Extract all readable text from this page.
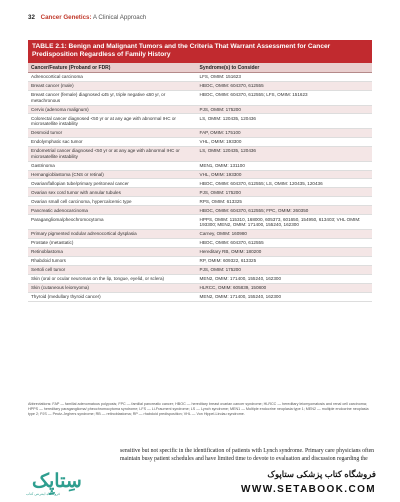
32 Cancer Genetics: A Clinical Approach
TABLE 2.1: Benign and Malignant Tumors and the Criteria That Warrant Assessment for Cancer Predisposition Regardless of Family History
Cancer/Feature (Proband or FDR)	Syndrome(s) to Consider
Adrenocortical carcinoma	LFS, OMIM: 151623
Breast cancer (male)	HBOC, OMIM: 604370, 612555
Breast cancer (female) diagnosed ≤45 yr, triple negative ≤60 yr, or metachronous	HBOC, OMIM: 604370, 612555; LFS, OMIM: 151623
Cervix (adenoma malignum)	PJS, OMIM: 175200
Colorectal cancer diagnosed <50 yr or at any age with abnormal IHC or microsatellite instability	LS, OMIM: 120435, 120436
Desmoid tumor	FAP, OMIM: 175100
Endolymphatic sac tumor	VHL, OMIM: 193300
Endometrial cancer diagnosed <50 yr or at any age with abnormal IHC or microsatellite instability	LS, OMIM: 120435, 120436
Gastrinoma	MEN1, OMIM: 131100
Hemangioblastoma (CNS or retinal)	VHL, OMIM: 193300
Ovarian/fallopian tube/primary peritoneal cancer	HBOC, OMIM: 604370, 612555; LS, OMIM: 120435, 120436
Ovarian sex cord tumor with annular tubules	PJS, OMIM: 175200
Ovarian small cell carcinoma, hypercalcemic type	RPS, OMIM: 613325
Pancreatic adenocarcinoma	HBOC, OMIM: 604370, 612555; FPC, OMIM: 260350
Paraganglioma/pheochromocytoma	HPPS, OMIM: 115310, 168000, 605373, 601650, 154950, 613403; VHL OMIM: 193300; MEN2, OMIM: 171400, 155240, 162300
Primary pigmented nodular adrenocortical dysplasia	Carney, OMIM: 160980
Prostate (metastatic)	HBOC, OMIM: 604370, 612555
Retinoblastoma	Hereditary RB, OMIM: 180200
Rhabdoid tumors	RP, OMIM: 609322, 613325
Sertoli cell tumor	PJS, OMIM: 175200
Skin (oral or ocular neuromas on the lip, tongue, eyelid, or sclera)	MEN2, OMIM: 171400, 155240, 162300
Skin (cutaneous leiomyoma)	HLRCC, OMIM: 605839, 150800
Thyroid (medullary thyroid cancer)	MEN2, OMIM: 171400, 155240, 162300
Abbreviations: FAP — familial adenomatous polyposis; FPC — familial pancreatic cancer; HBOC — hereditary breast ovarian cancer syndrome; HLRCC — hereditary leiomyomatosis and renal cell carcinoma; HPPS — hereditary paraganglioma/ pheochromocytoma syndrome; LFS — Li-Fraumeni syndrome; LS — Lynch syndrome; MEN1 — Multiple endocrine neoplasia type 1; MEN2 — multiple endocrine neoplasia type 2; PJS — Peutz-Jeghers syndrome; RB — retinoblastoma; RP — rhabdoid predisposition; VHL — Von Hippel-Lindau syndrome.
sensitive but not specific in the identification of patients with Lynch syndrome. Primary care physicians often maintain busy patient schedules and have limited time to devote to evaluation and discussion regarding the
سِتاپِک
فروشگاه اینترنتی کتاب
فروشگاه کتاب پزشکی ستاپوک
WWW.SETABOOK.COM
